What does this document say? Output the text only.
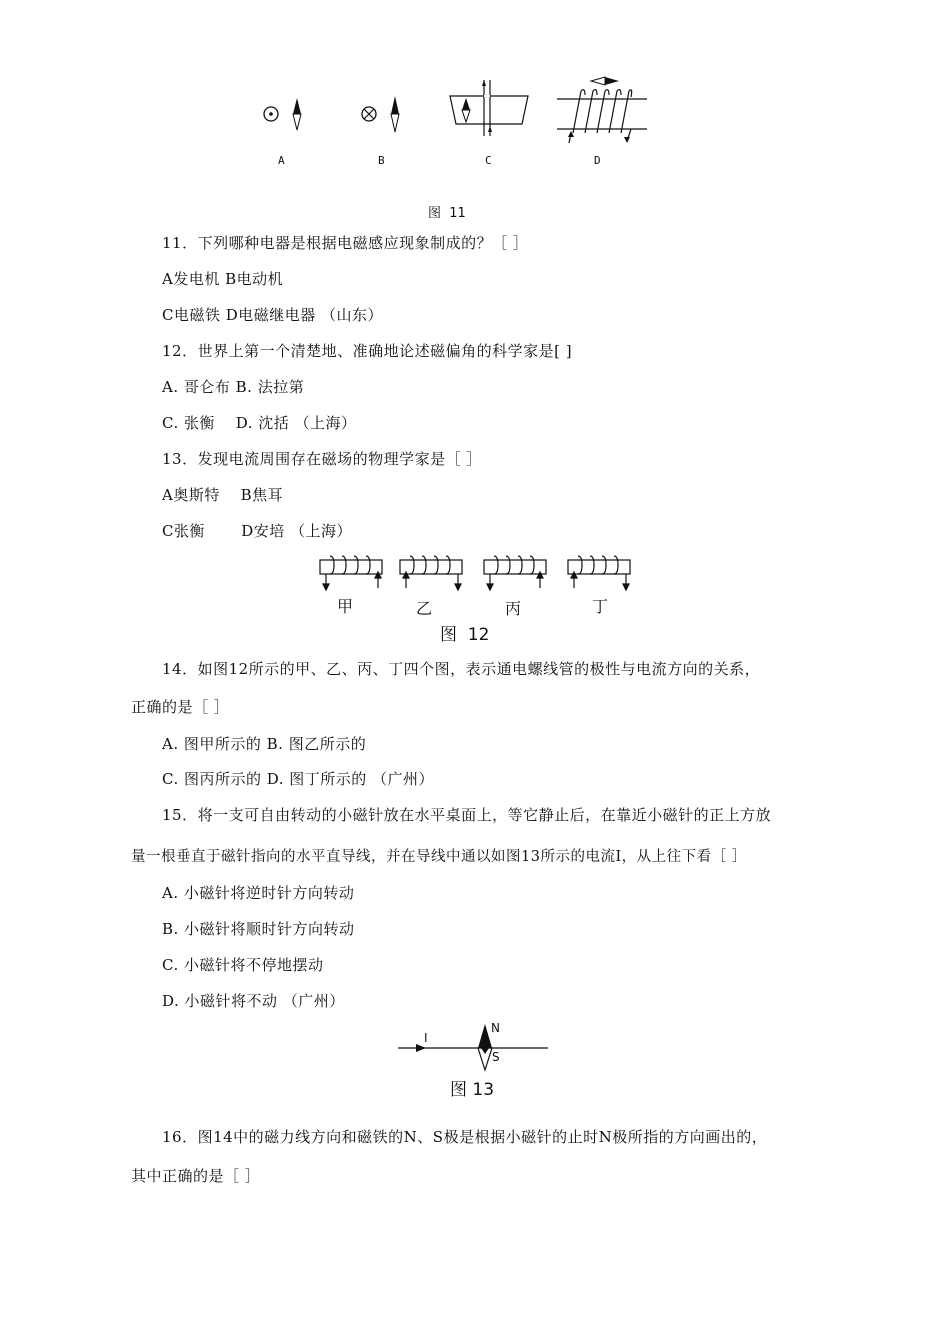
A	B	C	D
图  11
11．下列哪种电器是根据电磁感应现象制成的？［ ］
A发电机 B电动机
C电磁铁 D电磁继电器 （山东）
12．世界上第一个清楚地、准确地论述磁偏角的科学家是[ ]
A. 哥仑布 B. 法拉第
C. 张衡　 D. 沈括 （上海）
13．发现电流周围存在磁场的物理学家是［ ］
A奥斯特　 B焦耳
C张衡　　 D安培 （上海）
甲	乙	丙	丁
图  12
14．如图12所示的甲、乙、丙、丁四个图，表示通电螺线管的极性与电流方向的关系，
正确的是［ ］
A. 图甲所示的 B. 图乙所示的
C. 图丙所示的 D. 图丁所示的 （广州）
15．将一支可自由转动的小磁针放在水平桌面上，等它静止后，在靠近小磁针的正上方放
量一根垂直于磁针指向的水平直导线，并在导线中通以如图13所示的电流I，从上往下看［ ］
A. 小磁针将逆时针方向转动
B. 小磁针将顺时针方向转动
C. 小磁针将不停地摆动
D. 小磁针将不动 （广州）
I
N
S
图 13
16．图14中的磁力线方向和磁铁的N、S极是根据小磁针的止时N极所指的方向画出的，
其中正确的是［ ］
